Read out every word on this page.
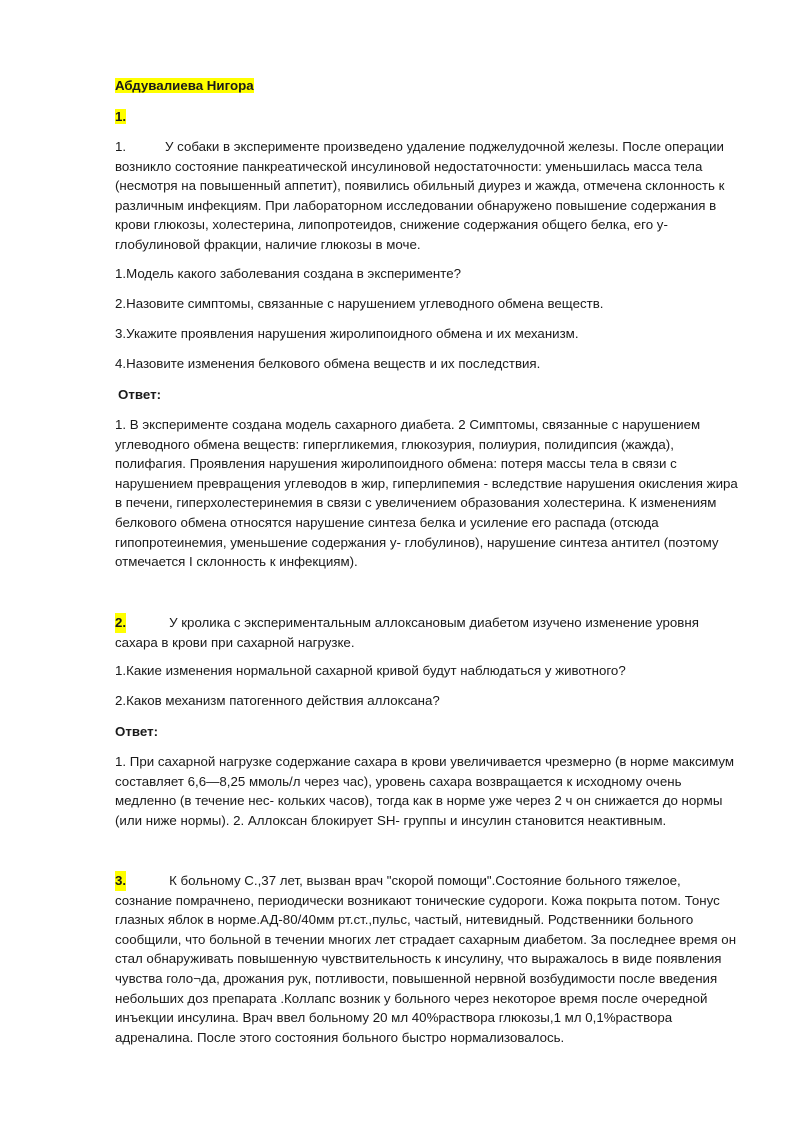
Абдувалиева Нигора

1.

1.	У собаки в эксперименте произведено удаление поджелудочной железы. После операции возникло состояние панкреатической инсулиновой недостаточности: уменьшилась масса тела (несмотря на повышенный аппетит), появились обильный диурез и жажда, отмечена склонность к различным инфекциям. При лабораторном исследовании обнаружено повышение содержания в крови глюкозы, холестерина, липопротеидов, снижение содержания общего белка, его у-глобулиновой фракции, наличие глюкозы в моче.

1.Модель какого заболевания создана в эксперименте?

2.Назовите симптомы, связанные с нарушением углеводного обмена веществ.

3.Укажите проявления нарушения жиролипоидного обмена и их механизм.

4.Назовите изменения белкового обмена веществ и их последствия.

Ответ:

1. В эксперименте создана модель сахарного диабета. 2 Симптомы, связанные с нарушением углеводного обмена веществ: гипергликемия, глюкозурия, полиурия, полидипсия (жажда), полифагия. Проявления нарушения жиролипоидного обмена: потеря массы тела в связи с нарушением превращения углеводов в жир, гиперлипемия - вследствие нарушения окисления жира в печени, гиперхолестеринемия в связи с увеличением образования холестерина. К изменениям белкового обмена относятся нарушение синтеза белка и усиление его распада (отсюда гипопротеинемия, уменьшение содержания у- глобулинов), нарушение синтеза антител (поэтому отмечается I склонность к инфекциям).

2.	У кролика с экспериментальным аллоксановым диабетом изучено изменение уровня сахара в крови при сахарной нагрузке.

1.Какие изменения нормальной сахарной кривой будут наблюдаться у животного?

2.Каков механизм патогенного действия аллоксана?

Ответ:

1. При сахарной нагрузке содержание сахара в крови увеличивается чрезмерно (в норме максимум составляет 6,6—8,25 ммоль/л через час), уровень сахара возвращается к исходному очень медленно (в течение нес- кольких часов), тогда как в норме уже через 2 ч он снижается до нормы (или ниже нормы). 2. Аллоксан блокирует SH- группы и инсулин становится неактивным.

3.	К больному С.,37 лет, вызван врач "скорой помощи".Состояние больного тяжелое, сознание помрачнено, периодически возникают тонические судороги. Кожа покрыта потом. Тонус глазных яблок в норме.АД-80/40мм рт.ст.,пульс, частый, нитевидный. Родственники больного сообщили, что больной в течении многих лет страдает сахарным диабетом. За последнее время он стал обнаруживать повышенную чувствительность к инсулину, что выражалось в виде появления чувства голо¬да, дрожания рук, потливости, повышенной нервной возбудимости после введения небольших доз препарата .Коллапс возник у больного через некоторое время после очередной инъекции инсулина. Врач ввел больному 20 мл 40%раствора глюкозы,1 мл 0,1%раствора адреналина. После этого состояния больного быстро нормализовалось.
